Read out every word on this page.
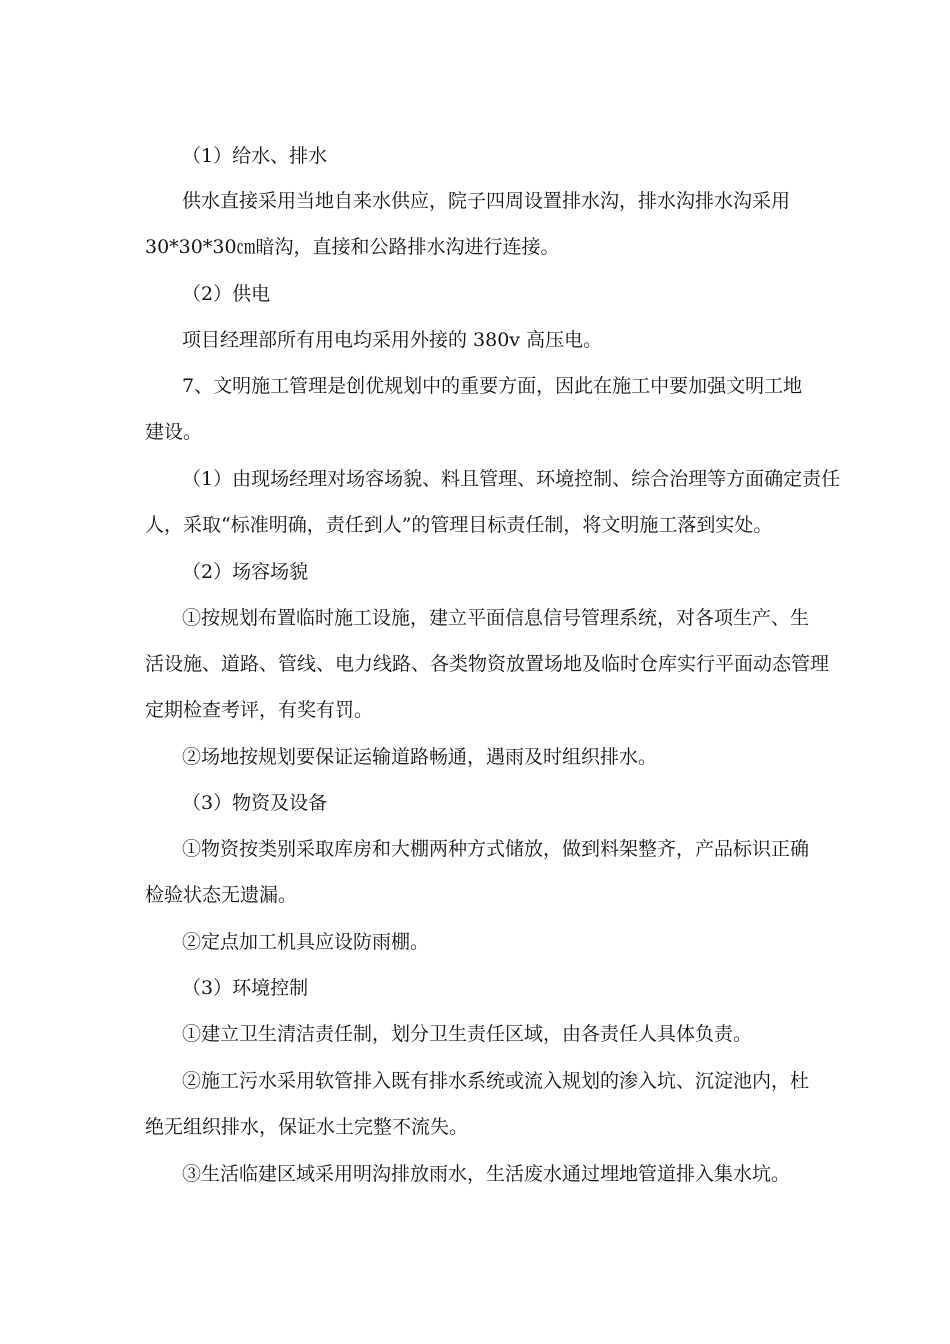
（1）给水、排水
供水直接采用当地自来水供应，院子四周设置排水沟，排水沟排水沟采用
30*30*30㎝暗沟，直接和公路排水沟进行连接。
（2）供电
项目经理部所有用电均采用外接的 380v 高压电。
7、文明施工管理是创优规划中的重要方面，因此在施工中要加强文明工地
建设。
（1）由现场经理对场容场貌、料且管理、环境控制、综合治理等方面确定责任
人，采取“标准明确，责任到人”的管理目标责任制，将文明施工落到实处。
（2）场容场貌
①按规划布置临时施工设施，建立平面信息信号管理系统，对各项生产、生
活设施、道路、管线、电力线路、各类物资放置场地及临时仓库实行平面动态管理
定期检查考评，有奖有罚。
②场地按规划要保证运输道路畅通，遇雨及时组织排水。
（3）物资及设备
①物资按类别采取库房和大棚两种方式储放，做到料架整齐，产品标识正确
检验状态无遗漏。
②定点加工机具应设防雨棚。
（3）环境控制
①建立卫生清洁责任制，划分卫生责任区域，由各责任人具体负责。
②施工污水采用软管排入既有排水系统或流入规划的渗入坑、沉淀池内，杜
绝无组织排水，保证水土完整不流失。
③生活临建区域采用明沟排放雨水，生活废水通过埋地管道排入集水坑。
